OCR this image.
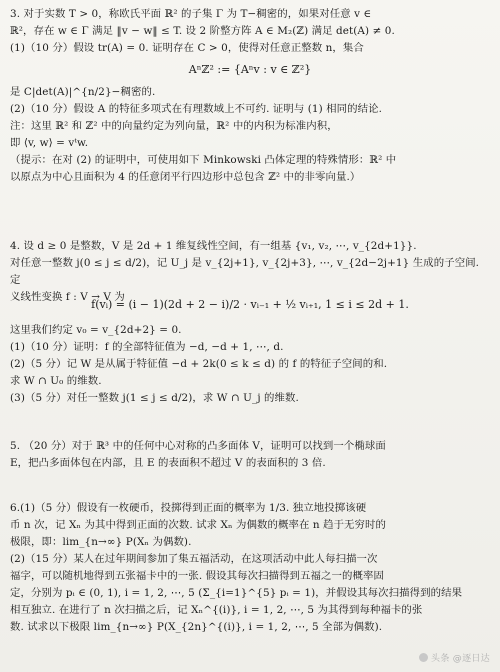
3. 对于实数 T > 0，称欧氏平面 ℝ² 的子集 Γ 为 T−稠密的，如果对任意 v ∈
ℝ²，存在 w ∈ Γ 满足 ‖v − w‖ ≤ T. 设 2 阶整方阵 A ∈ M₂(ℤ) 满足 det(A) ≠ 0.
(1)（10 分）假设 tr(A) = 0. 证明存在 C > 0，使得对任意正整数 n，集合
Aⁿℤ² := {Aⁿv : v ∈ ℤ²}
是 C|det(A)|^{n/2}−稠密的.
(2)（10 分）假设 A 的特征多项式在有理数域上不可约. 证明与 (1) 相同的结论.
注：这里 ℝ² 和 ℤ² 中的向量约定为列向量，ℝ² 中的内积为标准内积，
即 ⟨v, w⟩ = vᵗw.
（提示：在对 (2) 的证明中，可使用如下 Minkowski 凸体定理的特殊情形：ℝ² 中
以原点为中心且面积为 4 的任意闭平行四边形中总包含 ℤ² 中的非零向量.）
4. 设 d ≥ 0 是整数，V 是 2d + 1 维复线性空间，有一组基 {v₁, v₂, ⋯, v_{2d+1}}.
对任意一整数 j(0 ≤ j ≤ d/2)，记 U_j 是 v_{2j+1}, v_{2j+3}, ⋯, v_{2d−2j+1} 生成的子空间. 定
义线性变换 f : V → V 为
f(vᵢ) = (i − 1)(2d + 2 − i)/2 · vᵢ₋₁ + ½ vᵢ₊₁, 1 ≤ i ≤ 2d + 1.
这里我们约定 v₀ = v_{2d+2} = 0.
(1)（10 分）证明：f 的全部特征值为 −d, −d + 1, ⋯, d.
(2)（5 分）记 W 是从属于特征值 −d + 2k(0 ≤ k ≤ d) 的 f 的特征子空间的和.
求 W ∩ U₀ 的维数.
(3)（5 分）对任一整数 j(1 ≤ j ≤ d/2)，求 W ∩ U_j 的维数.
5. （20 分）对于 ℝ³ 中的任何中心对称的凸多面体 V，证明可以找到一个椭球面
E，把凸多面体包在内部，且 E 的表面积不超过 V 的表面积的 3 倍.
6.(1)（5 分）假设有一枚硬币，投掷得到正面的概率为 1/3. 独立地投掷该硬
币 n 次，记 Xₙ 为其中得到正面的次数. 试求 Xₙ 为偶数的概率在 n 趋于无穷时的
极限，即：lim_{n→∞} P(Xₙ 为偶数).
(2)（15 分）某人在过年期间参加了集五福活动，在这项活动中此人每扫描一次
福字，可以随机地得到五张福卡中的一张. 假设其每次扫描得到五福之一的概率固
定，分别为 pᵢ ∈ (0, 1), i = 1, 2, ⋯, 5 (Σ_{i=1}^{5} pᵢ = 1)，并假设其每次扫描得到的结果
相互独立. 在进行了 n 次扫描之后，记 Xₙ^{(i)}, i = 1, 2, ⋯, 5 为其得到每种福卡的张
数. 试求以下极限 lim_{n→∞} P(X_{2n}^{(i)}, i = 1, 2, ⋯, 5 全部为偶数).
头条 @逐日达
